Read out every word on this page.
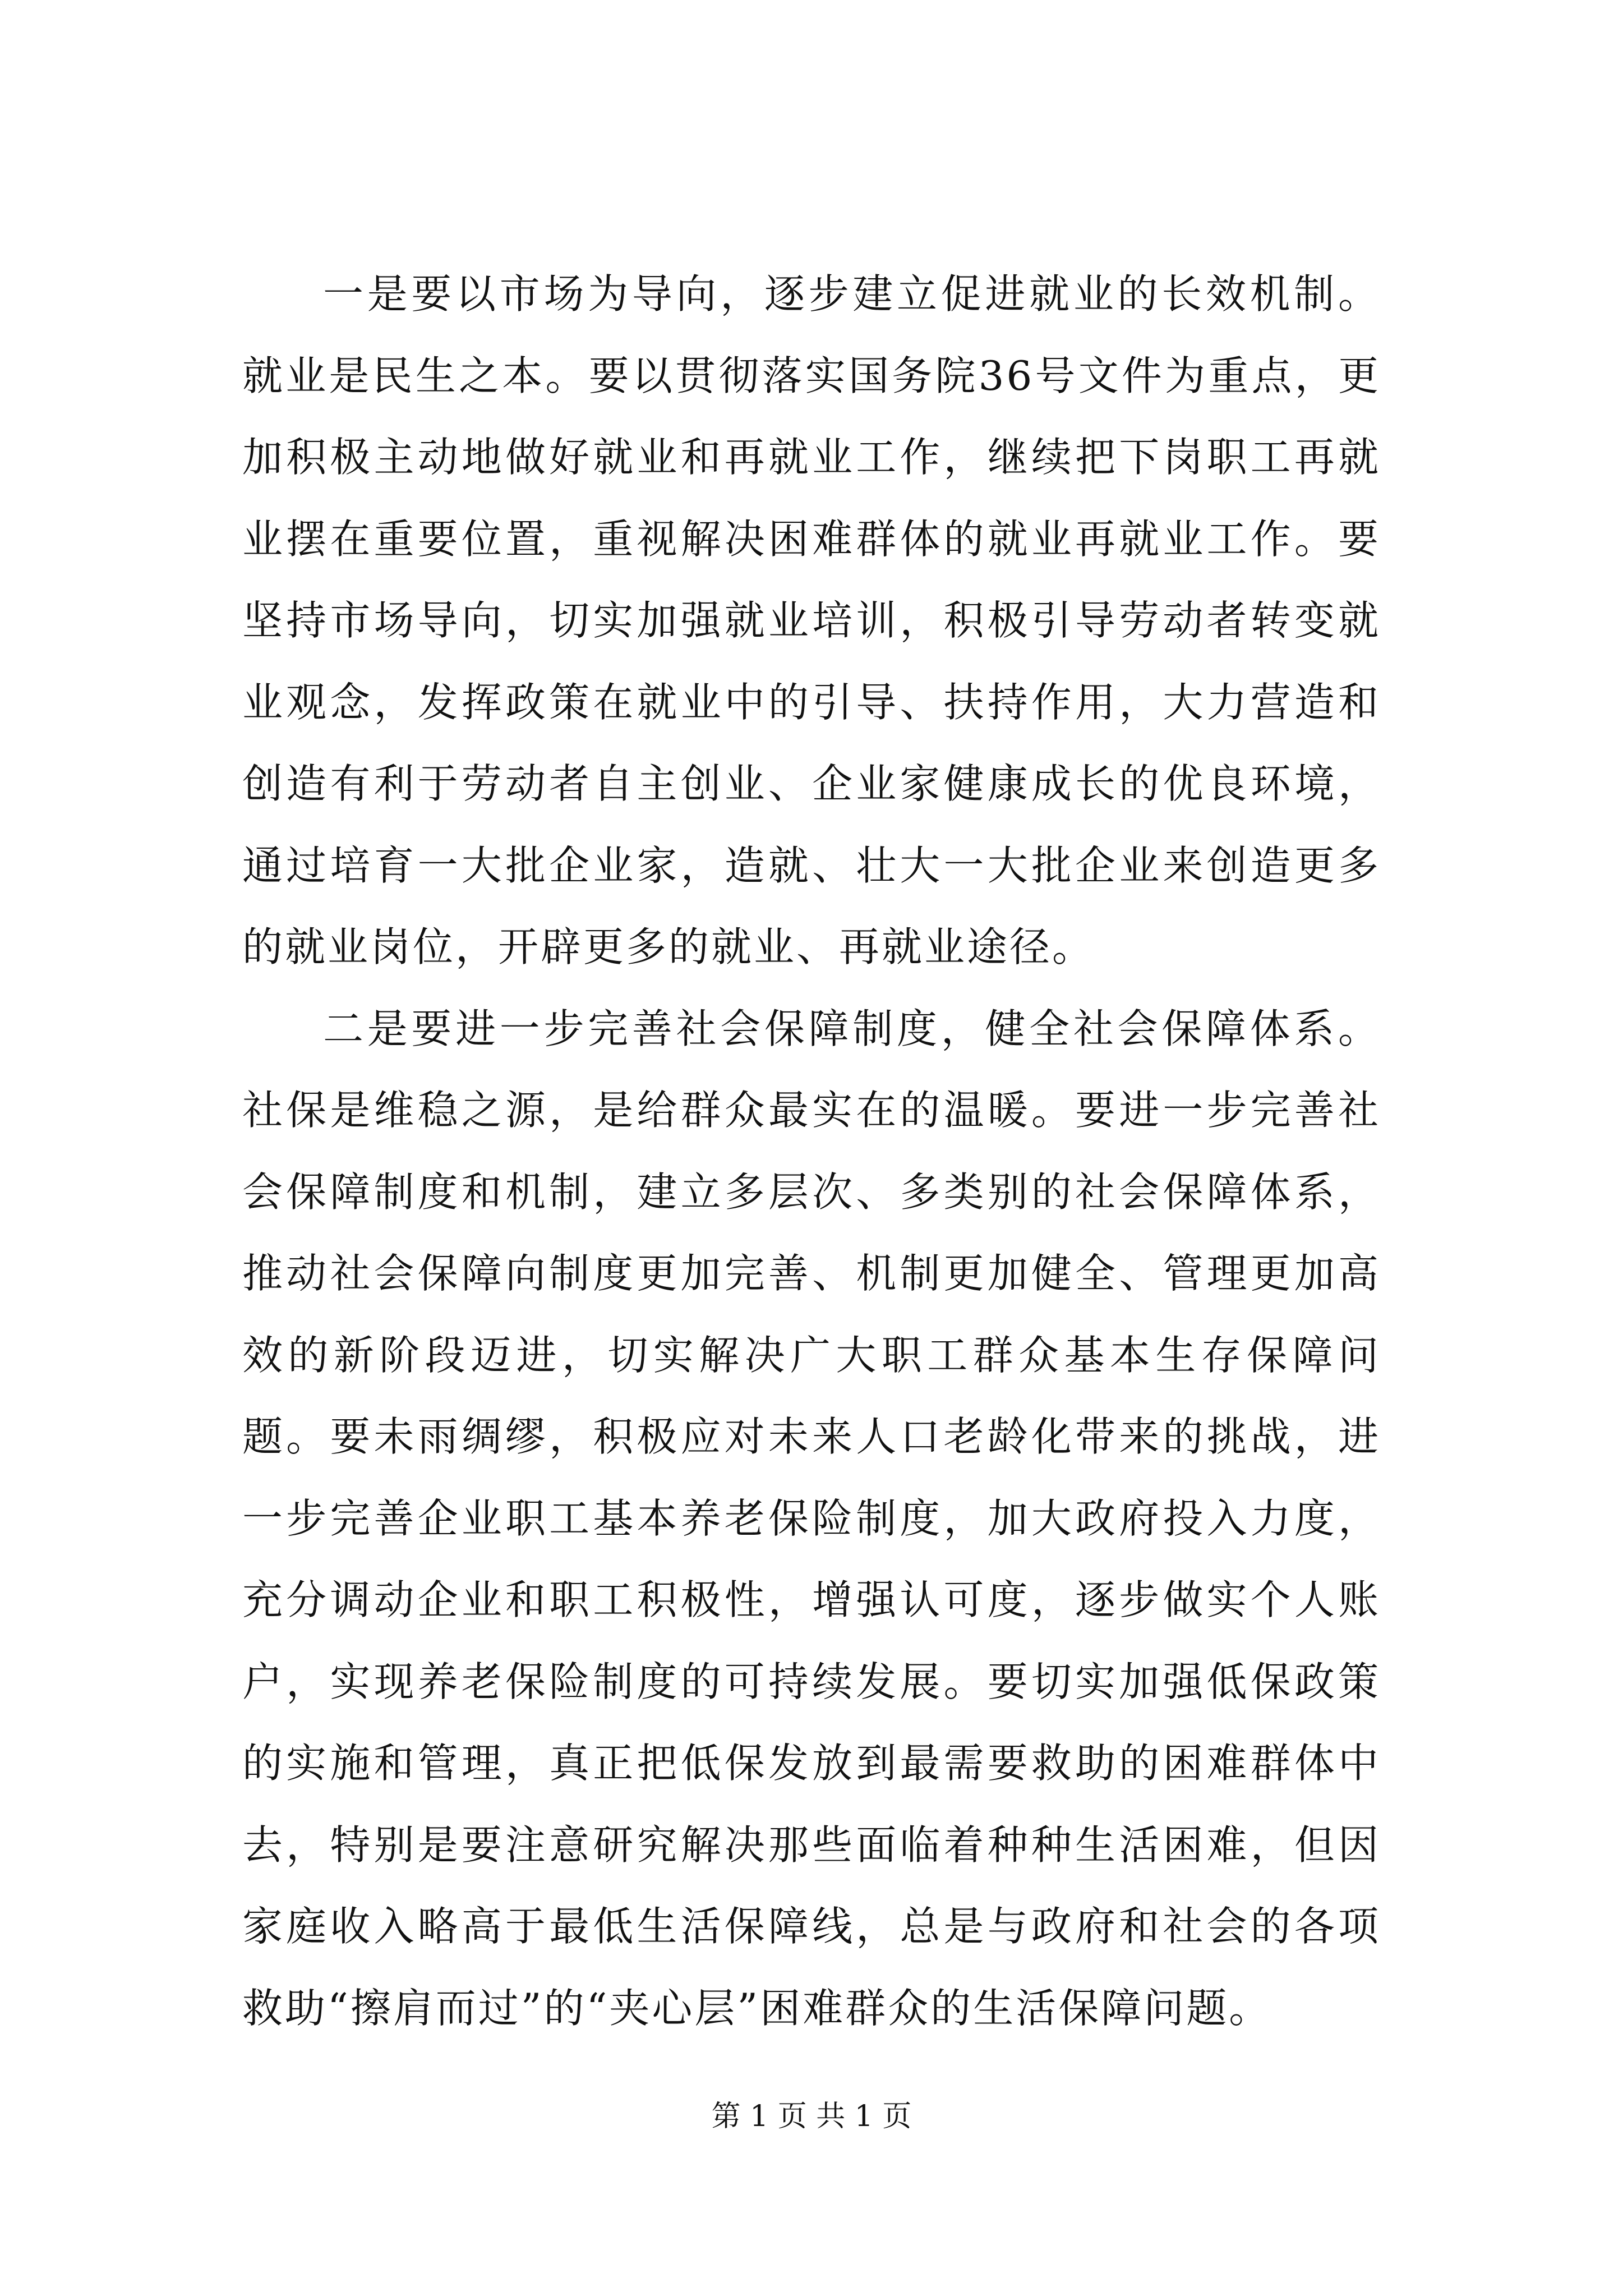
一是要以市场为导向，逐步建立促进就业的长效机制。就业是民生之本。要以贯彻落实国务院36号文件为重点，更加积极主动地做好就业和再就业工作，继续把下岗职工再就业摆在重要位置，重视解决困难群体的就业再就业工作。要坚持市场导向，切实加强就业培训，积极引导劳动者转变就业观念，发挥政策在就业中的引导、扶持作用，大力营造和创造有利于劳动者自主创业、企业家健康成长的优良环境，通过培育一大批企业家，造就、壮大一大批企业来创造更多的就业岗位，开辟更多的就业、再就业途径。

二是要进一步完善社会保障制度，健全社会保障体系。社保是维稳之源，是给群众最实在的温暖。要进一步完善社会保障制度和机制，建立多层次、多类别的社会保障体系，推动社会保障向制度更加完善、机制更加健全、管理更加高效的新阶段迈进，切实解决广大职工群众基本生存保障问题。要未雨绸缪，积极应对未来人口老龄化带来的挑战，进一步完善企业职工基本养老保险制度，加大政府投入力度，充分调动企业和职工积极性，增强认可度，逐步做实个人账户，实现养老保险制度的可持续发展。要切实加强低保政策的实施和管理，真正把低保发放到最需要救助的困难群体中去，特别是要注意研究解决那些面临着种种生活困难，但因家庭收入略高于最低生活保障线，总是与政府和社会的各项救助“擦肩而过”的“夹心层”困难群众的生活保障问题。

第 1 页 共 1 页
